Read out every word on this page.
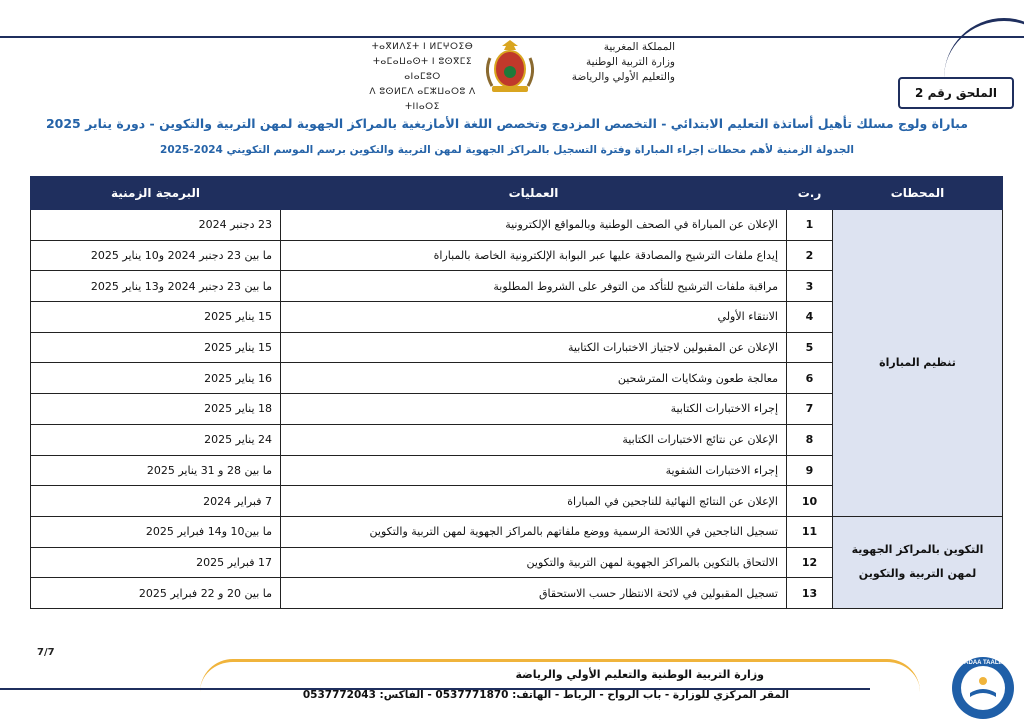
المملكة المغربية
وزارة التربية الوطنية
والتعليم الأولي والرياضة
ⵜⴰⴳⵍⴷⵉⵜ ⵏ ⵍⵎⵖⵔⵉⴱ
ⵜⴰⵎⴰⵡⴰⵙⵜ ⵏ ⵓⵙⴳⵎⵉ ⴰⵏⴰⵎⵓⵔ
ⴷ ⵓⵙⵍⵎⴷ ⴰⵎⵣⵡⴰⵔⵓ ⴷ ⵜⵏⵏⴰⵔⵉ
الملحق رقم 2
مباراة ولوج مسلك تأهيل أساتذة التعليم الابتدائي - التخصص المزدوج وتخصص اللغة الأمازيغية بالمراكز الجهوية لمهن التربية والتكوين - دورة يناير 2025
الجدولة الزمنية لأهم محطات إجراء المباراة وفترة التسجيل بالمراكز الجهوية لمهن التربية والتكوين برسم الموسم التكويني 2024-2025
المحطات	ر.ت	العمليات	البرمجة الزمنية
تنظيم المباراة	1	الإعلان عن المباراة في الصحف الوطنية وبالمواقع الإلكترونية	23 دجنبر 2024
	2	إيداع ملفات الترشيح والمصادقة عليها عبر البوابة الإلكترونية الخاصة بالمباراة	ما بين 23 دجنبر 2024 و10 يناير 2025
	3	مراقبة ملفات الترشيح للتأكد من التوفر على الشروط المطلوبة	ما بين 23 دجنبر 2024 و13 يناير 2025
	4	الانتقاء الأولي	15 يناير 2025
	5	الإعلان عن المقبولين لاجتياز الاختبارات الكتابية	15 يناير 2025
	6	معالجة طعون وشكايات المترشحين	16 يناير 2025
	7	إجراء الاختبارات الكتابية	18 يناير 2025
	8	الإعلان عن نتائج الاختبارات الكتابية	24 يناير 2025
	9	إجراء الاختبارات الشفوية	ما بين 28 و 31 يناير 2025
	10	الإعلان عن النتائج النهائية للناجحين في المباراة	7 فبراير 2024
التكوين بالمراكز الجهوية لمهن التربية والتكوين	11	تسجيل الناجحين في اللائحة الرسمية ووضع ملفاتهم بالمراكز الجهوية لمهن التربية والتكوين	ما بين10 و14 فبراير 2025
	12	الالتحاق بالتكوين بالمراكز الجهوية لمهن التربية والتكوين	17 فبراير 2025
	13	تسجيل المقبولين في لائحة الانتظار حسب الاستحقاق	ما بين 20 و 22 فبراير 2025
7/7
وزارة التربية الوطنية والتعليم الأولي والرياضة
المقر المركزي للوزارة - باب الرواح - الرباط - الهاتف: 0537771870 - الفاكس: 0537772043
FADAA TAALIM
